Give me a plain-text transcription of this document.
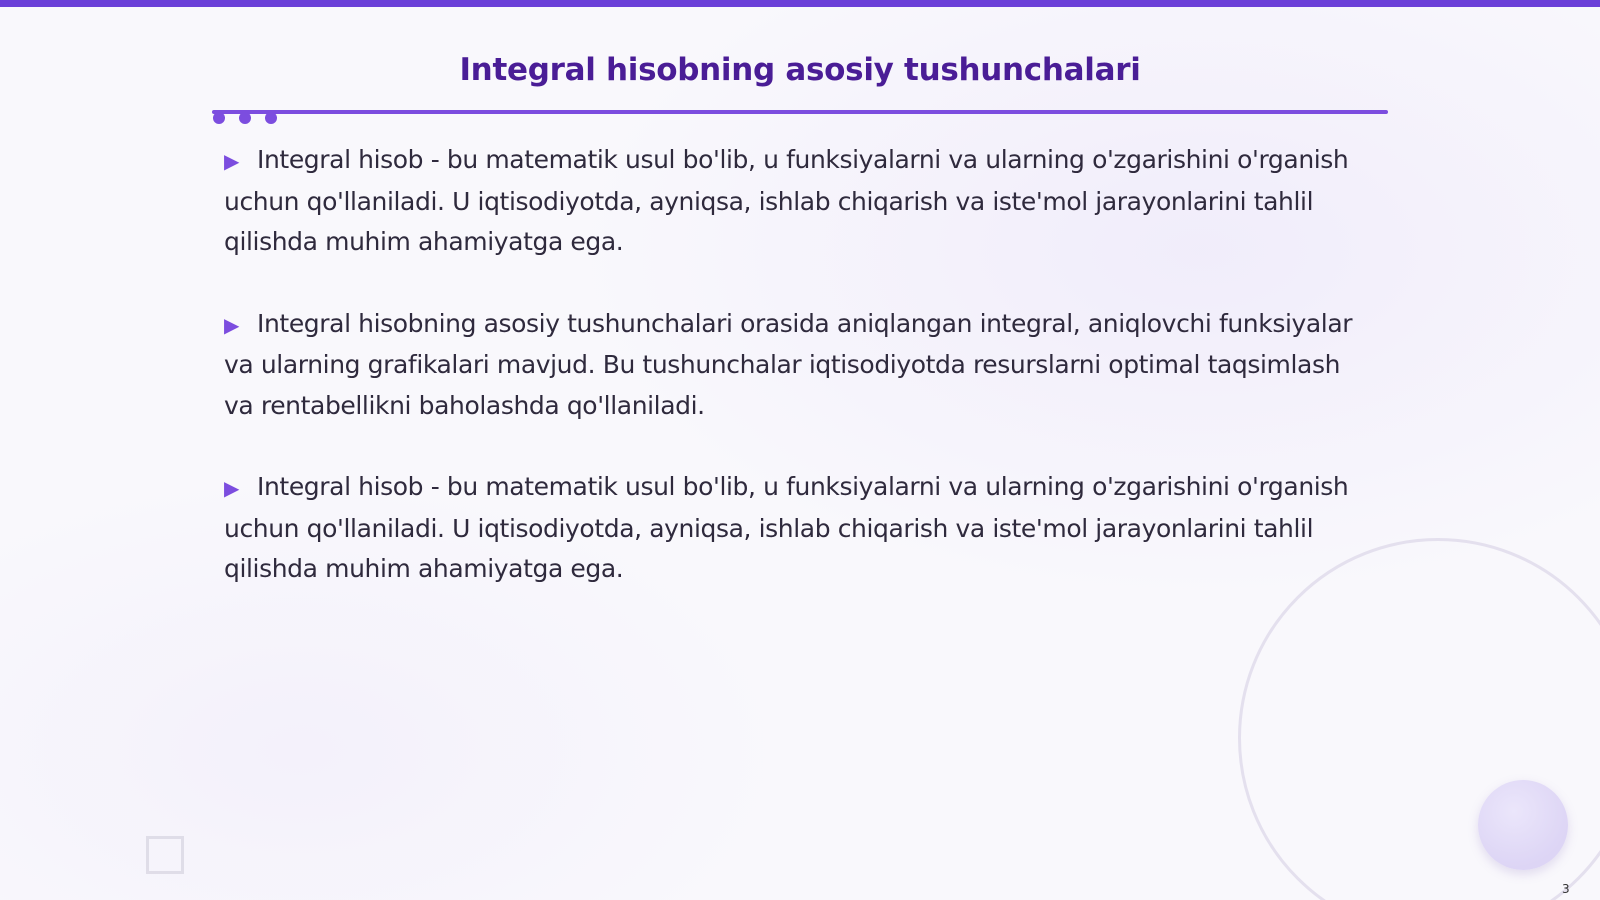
Integral hisobning asosiy tushunchalari

▶ Integral hisob - bu matematik usul bo'lib, u funksiyalarni va ularning o'zgarishini o'rganish uchun qo'llaniladi. U iqtisodiyotda, ayniqsa, ishlab chiqarish va iste'mol jarayonlarini tahlil qilishda muhim ahamiyatga ega.

▶ Integral hisobning asosiy tushunchalari orasida aniqlangan integral, aniqlovchi funksiyalar va ularning grafikalari mavjud. Bu tushunchalar iqtisodiyotda resurslarni optimal taqsimlash va rentabellikni baholashda qo'llaniladi.

▶ Integral hisob - bu matematik usul bo'lib, u funksiyalarni va ularning o'zgarishini o'rganish uchun qo'llaniladi. U iqtisodiyotda, ayniqsa, ishlab chiqarish va iste'mol jarayonlarini tahlil qilishda muhim ahamiyatga ega.

3
